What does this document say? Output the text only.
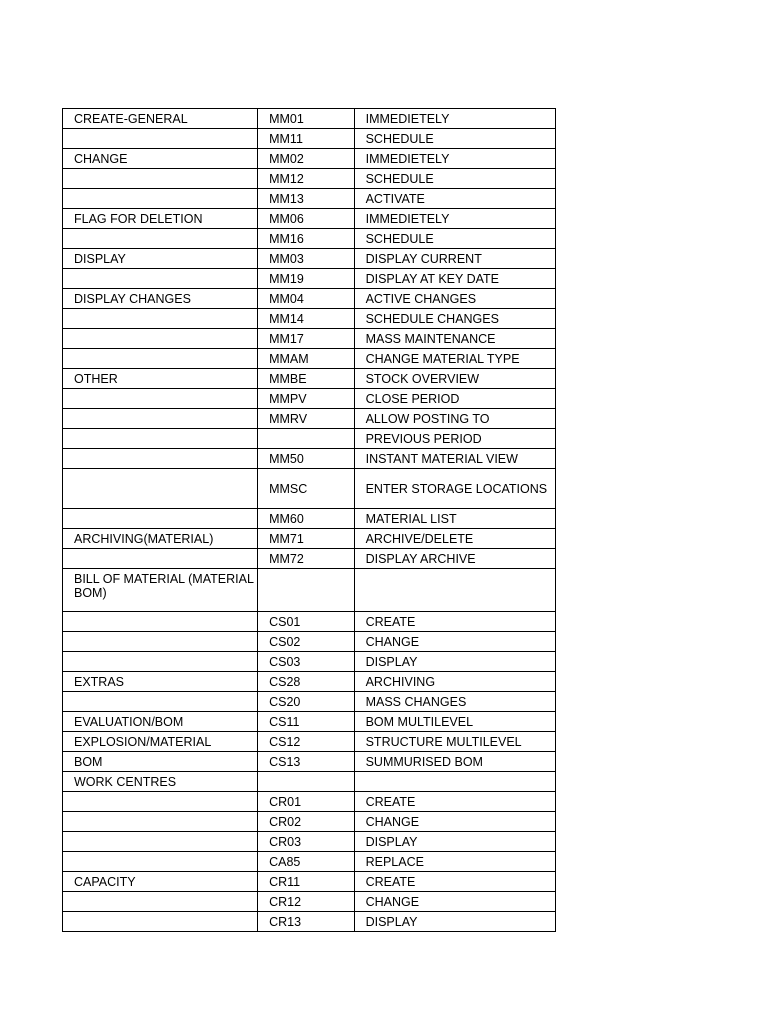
CREATE-GENERAL	MM01	IMMEDIETELY
	MM11	SCHEDULE
CHANGE	MM02	IMMEDIETELY
	MM12	SCHEDULE
	MM13	ACTIVATE
FLAG FOR DELETION	MM06	IMMEDIETELY
	MM16	SCHEDULE
DISPLAY	MM03	DISPLAY CURRENT
	MM19	DISPLAY AT KEY DATE
DISPLAY CHANGES	MM04	ACTIVE CHANGES
	MM14	SCHEDULE CHANGES
	MM17	MASS MAINTENANCE
	MMAM	CHANGE MATERIAL TYPE
OTHER	MMBE	STOCK OVERVIEW
	MMPV	CLOSE PERIOD
	MMRV	ALLOW POSTING TO
		PREVIOUS PERIOD
	MM50	INSTANT MATERIAL VIEW
	MMSC	ENTER STORAGE LOCATIONS
	MM60	MATERIAL LIST
ARCHIVING(MATERIAL)	MM71	ARCHIVE/DELETE
	MM72	DISPLAY ARCHIVE
BILL OF MATERIAL (MATERIAL BOM)		
	CS01	CREATE
	CS02	CHANGE
	CS03	DISPLAY
EXTRAS	CS28	ARCHIVING
	CS20	MASS CHANGES
EVALUATION/BOM	CS11	BOM MULTILEVEL
EXPLOSION/MATERIAL	CS12	STRUCTURE MULTILEVEL
BOM	CS13	SUMMURISED BOM
WORK CENTRES		
	CR01	CREATE
	CR02	CHANGE
	CR03	DISPLAY
	CA85	REPLACE
CAPACITY	CR11	CREATE
	CR12	CHANGE
	CR13	DISPLAY
